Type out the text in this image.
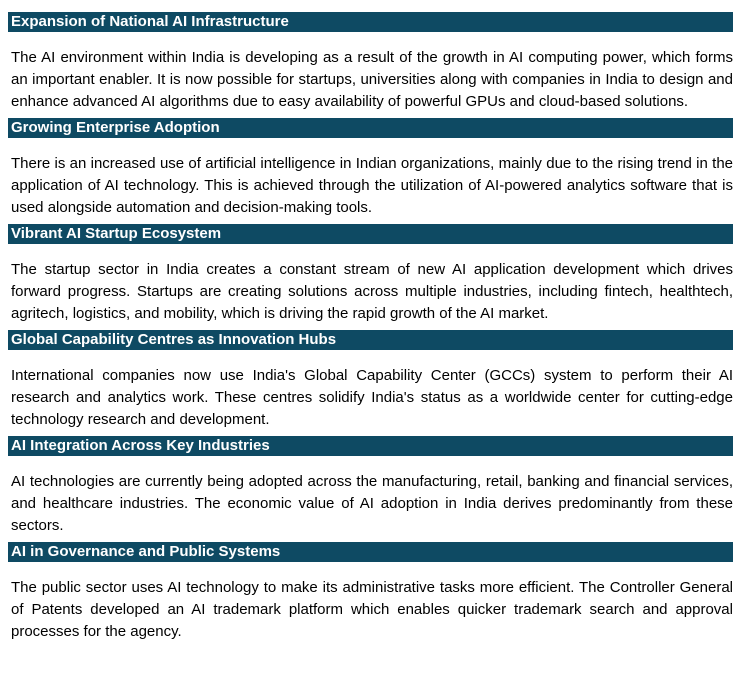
Expansion of National AI Infrastructure

The AI environment within India is developing as a result of the growth in AI computing power, which forms an important enabler. It is now possible for startups, universities along with companies in India to design and enhance advanced AI algorithms due to easy availability of powerful GPUs and cloud-based solutions.

Growing Enterprise Adoption

There is an increased use of artificial intelligence in Indian organizations, mainly due to the rising trend in the application of AI technology. This is achieved through the utilization of AI-powered analytics software that is used alongside automation and decision-making tools.

Vibrant AI Startup Ecosystem

The startup sector in India creates a constant stream of new AI application development which drives forward progress. Startups are creating solutions across multiple industries, including fintech, healthtech, agritech, logistics, and mobility, which is driving the rapid growth of the AI market.

Global Capability Centres as Innovation Hubs

International companies now use India's Global Capability Center (GCCs) system to perform their AI research and analytics work. These centres solidify India's status as a worldwide center for cutting-edge technology research and development.

AI Integration Across Key Industries

AI technologies are currently being adopted across the manufacturing, retail, banking and financial services, and healthcare industries. The economic value of AI adoption in India derives predominantly from these sectors.

AI in Governance and Public Systems

The public sector uses AI technology to make its administrative tasks more efficient. The Controller General of Patents developed an AI trademark platform which enables quicker trademark search and approval processes for the agency.
